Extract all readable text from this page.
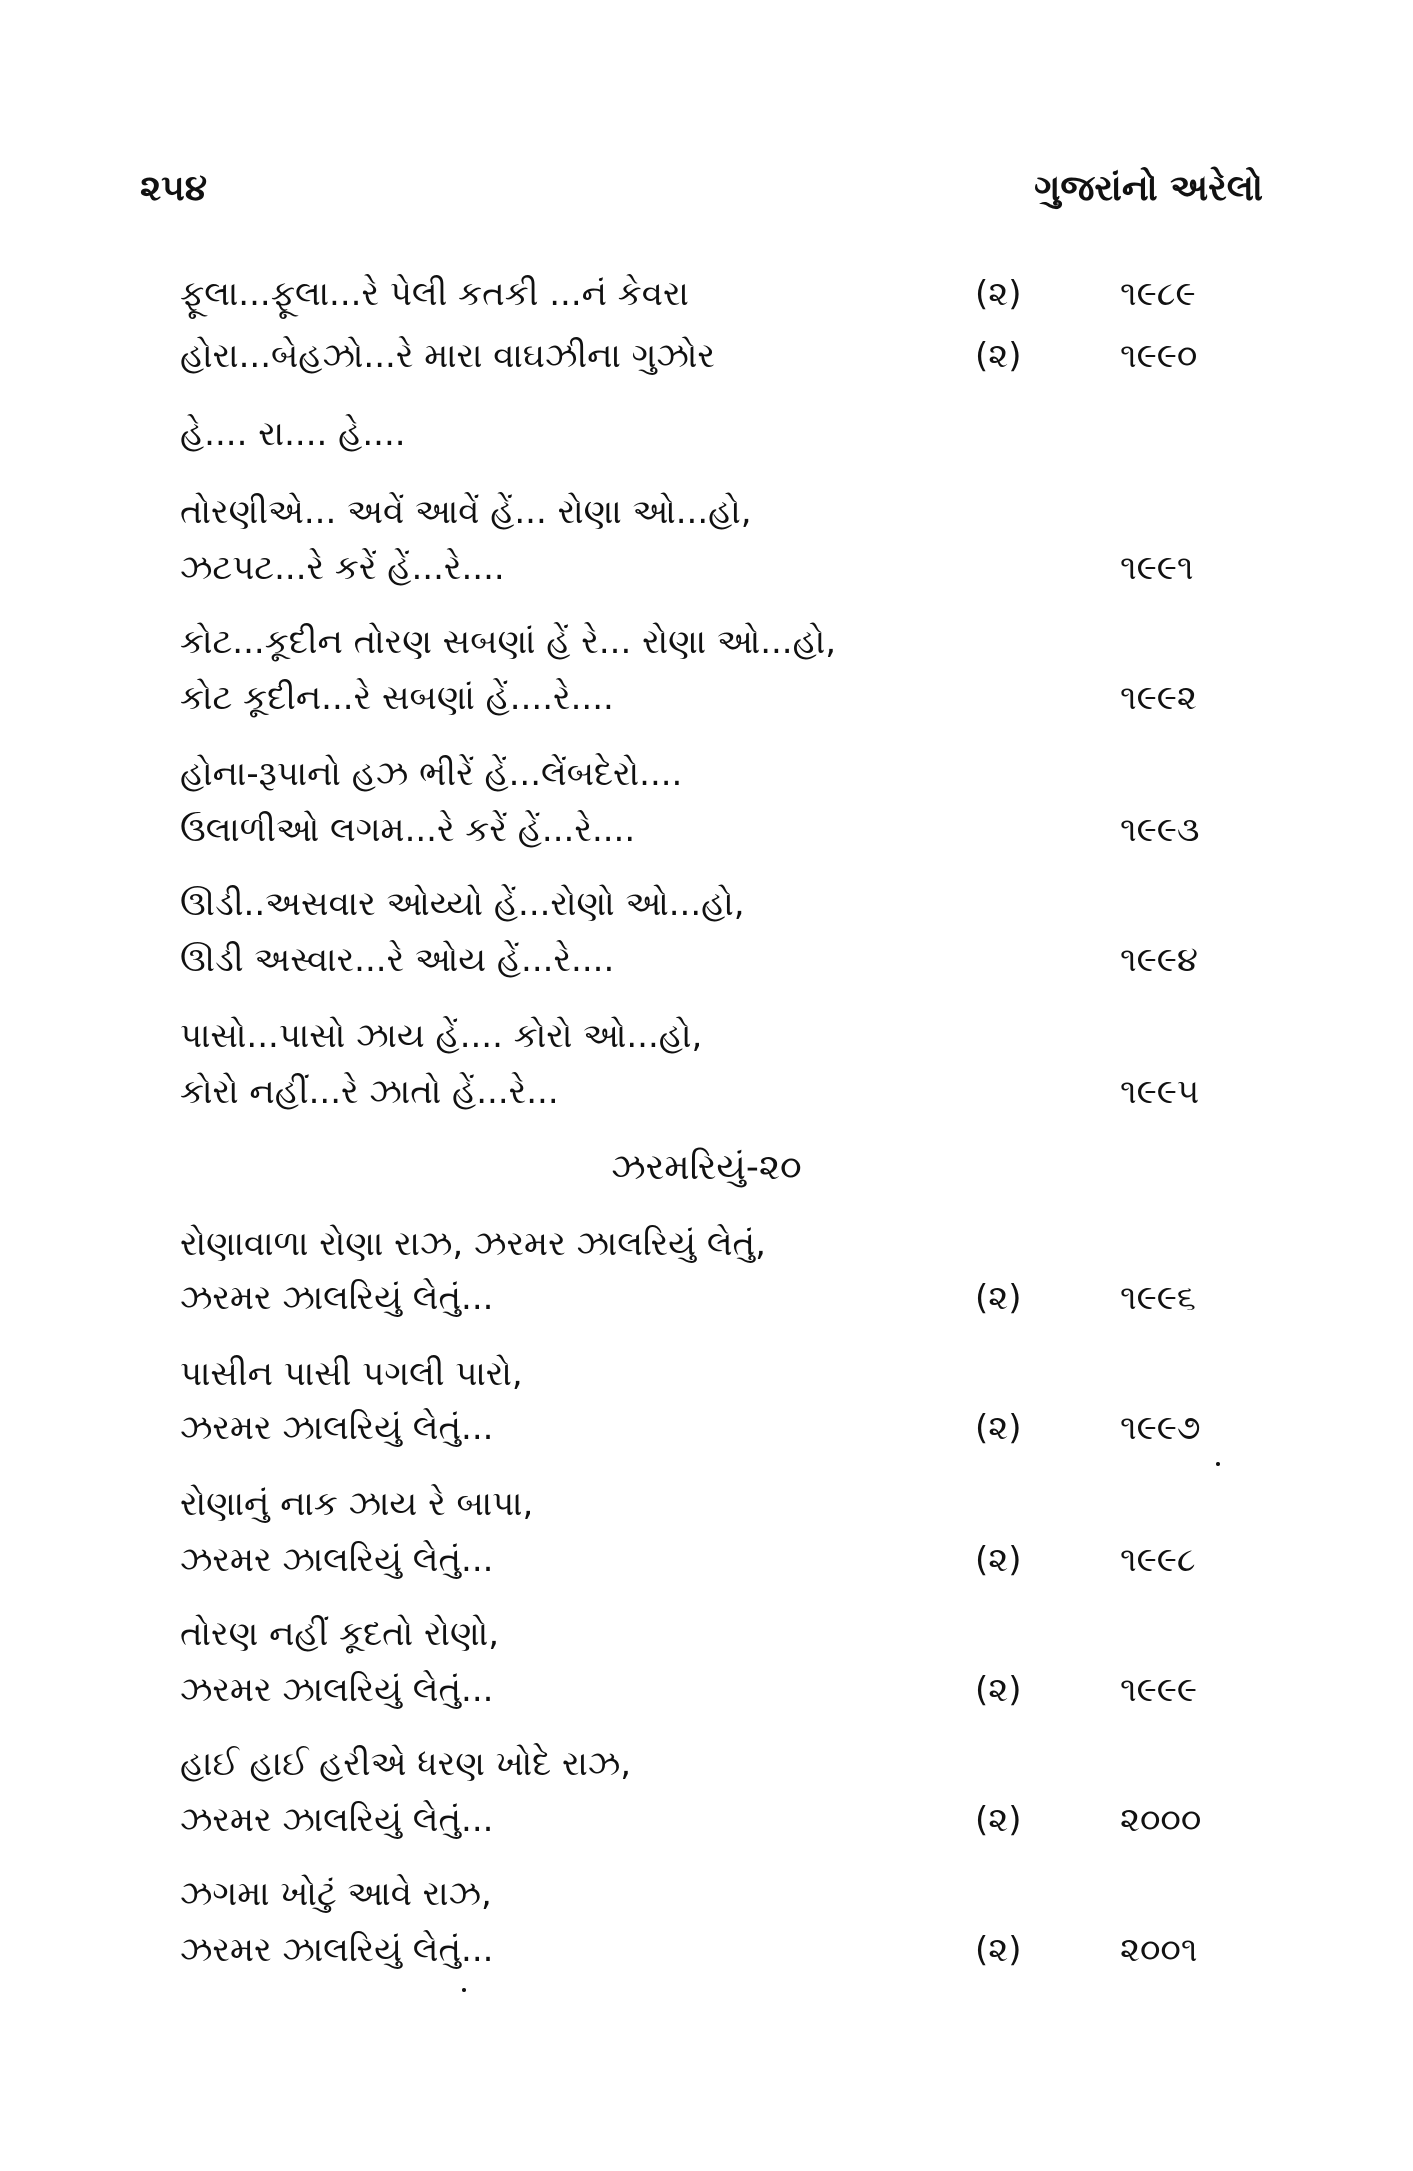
૨૫૪	ગુજરાંનો અરેલો
ફૂલા...ફૂલા...રે પેલી કતકી ...નં કેવરા	(૨)	૧૯૮૯
હોરા...બેહઝો...રે મારા વાઘઝીના ગુઝોર	(૨)	૧૯૯૦
હે.... રા.... હે....
તોરણીએ... અવેં આવેં હેં... રોણા ઓ...હો,
ઝટપટ...રે કરેં હેં...રે....	૧૯૯૧
કોટ...કૂદીન તોરણ સબણાં હેં રે... રોણા ઓ...હો,
કોટ કૂદીન...રે સબણાં હેં....રે....	૧૯૯૨
હોના-રૂપાનો હઝ ભીરેં હેં...લેંબદેરો....
ઉલાળીઓ લગમ...રે કરેં હેં...રે....	૧૯૯૩
ઊડી..અસવાર ઓય્યો હેં...રોણો ઓ...હો,
ઊડી અસ્વાર...રે ઓય હેં...રે....	૧૯૯૪
પાસો...પાસો ઝાય હેં.... કોરો ઓ...હો,
કોરો નહીં...રે ઝાતો હેં...રે...	૧૯૯૫
ઝરમરિયું-૨૦
રોણાવાળા રોણા રાઝ, ઝરમર ઝાલરિયું લેતું,
ઝરમર ઝાલરિયું લેતું...	(૨)	૧૯૯૬
પાસીન પાસી પગલી પારો,
ઝરમર ઝાલરિયું લેતું...	(૨)	૧૯૯૭
રોણાનું નાક ઝાય રે બાપા,
ઝરમર ઝાલરિયું લેતું...	(૨)	૧૯૯૮
તોરણ નહીં કૂદતો રોણો,
ઝરમર ઝાલરિયું લેતું...	(૨)	૧૯૯૯
હાઈ હાઈ હરીએ ધરણ ખોદે રાઝ,
ઝરમર ઝાલરિયું લેતું...	(૨)	૨૦૦૦
ઝગમા ખોટું આવે રાઝ,
ઝરમર ઝાલરિયું લેતું...	(૨)	૨૦૦૧
